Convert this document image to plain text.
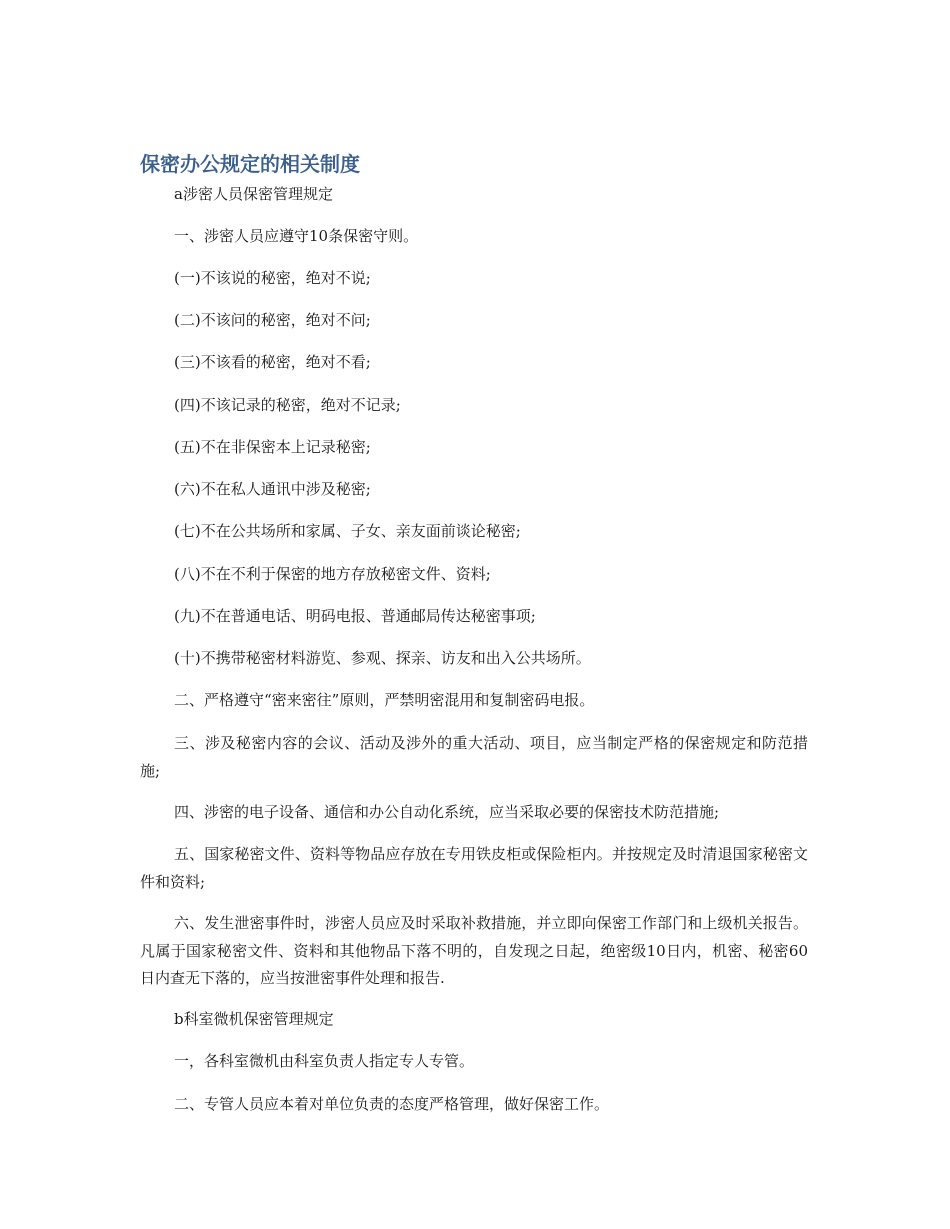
保密办公规定的相关制度

a涉密人员保密管理规定

一、涉密人员应遵守10条保密守则。

(一)不该说的秘密，绝对不说;

(二)不该问的秘密，绝对不问;

(三)不该看的秘密，绝对不看;

(四)不该记录的秘密，绝对不记录;

(五)不在非保密本上记录秘密;

(六)不在私人通讯中涉及秘密;

(七)不在公共场所和家属、子女、亲友面前谈论秘密;

(八)不在不利于保密的地方存放秘密文件、资料;

(九)不在普通电话、明码电报、普通邮局传达秘密事项;

(十)不携带秘密材料游览、参观、探亲、访友和出入公共场所。

二、严格遵守“密来密往”原则，严禁明密混用和复制密码电报。

三、涉及秘密内容的会议、活动及涉外的重大活动、项目，应当制定严格的保密规定和防范措施;

四、涉密的电子设备、通信和办公自动化系统，应当采取必要的保密技术防范措施;

五、国家秘密文件、资料等物品应存放在专用铁皮柜或保险柜内。并按规定及时清退国家秘密文件和资料;

六、发生泄密事件时，涉密人员应及时采取补救措施，并立即向保密工作部门和上级机关报告。凡属于国家秘密文件、资料和其他物品下落不明的，自发现之日起，绝密级10日内，机密、秘密60日内查无下落的，应当按泄密事件处理和报告.

b科室微机保密管理规定

一，各科室微机由科室负责人指定专人专管。

二、专管人员应本着对单位负责的态度严格管理，做好保密工作。
